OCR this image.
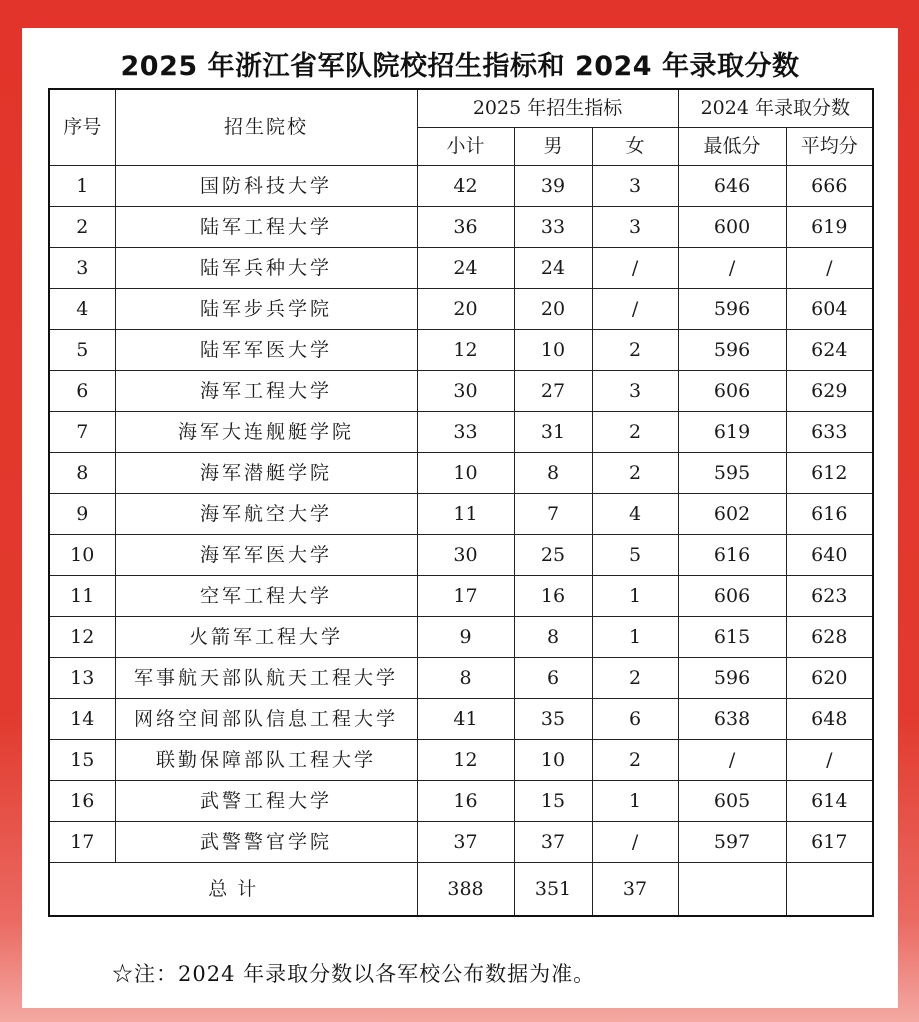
2025 年浙江省军队院校招生指标和 2024 年录取分数
序号	招生院校	2025 年招生指标			2024 年录取分数	
		小计	男	女	最低分	平均分
1	国防科技大学	42	39	3	646	666
2	陆军工程大学	36	33	3	600	619
3	陆军兵种大学	24	24	/	/	/
4	陆军步兵学院	20	20	/	596	604
5	陆军军医大学	12	10	2	596	624
6	海军工程大学	30	27	3	606	629
7	海军大连舰艇学院	33	31	2	619	633
8	海军潜艇学院	10	8	2	595	612
9	海军航空大学	11	7	4	602	616
10	海军军医大学	30	25	5	616	640
11	空军工程大学	17	16	1	606	623
12	火箭军工程大学	9	8	1	615	628
13	军事航天部队航天工程大学	8	6	2	596	620
14	网络空间部队信息工程大学	41	35	6	638	648
15	联勤保障部队工程大学	12	10	2	/	/
16	武警工程大学	16	15	1	605	614
17	武警警官学院	37	37	/	597	617
总 计		388	351	37		
☆注：2024 年录取分数以各军校公布数据为准。
